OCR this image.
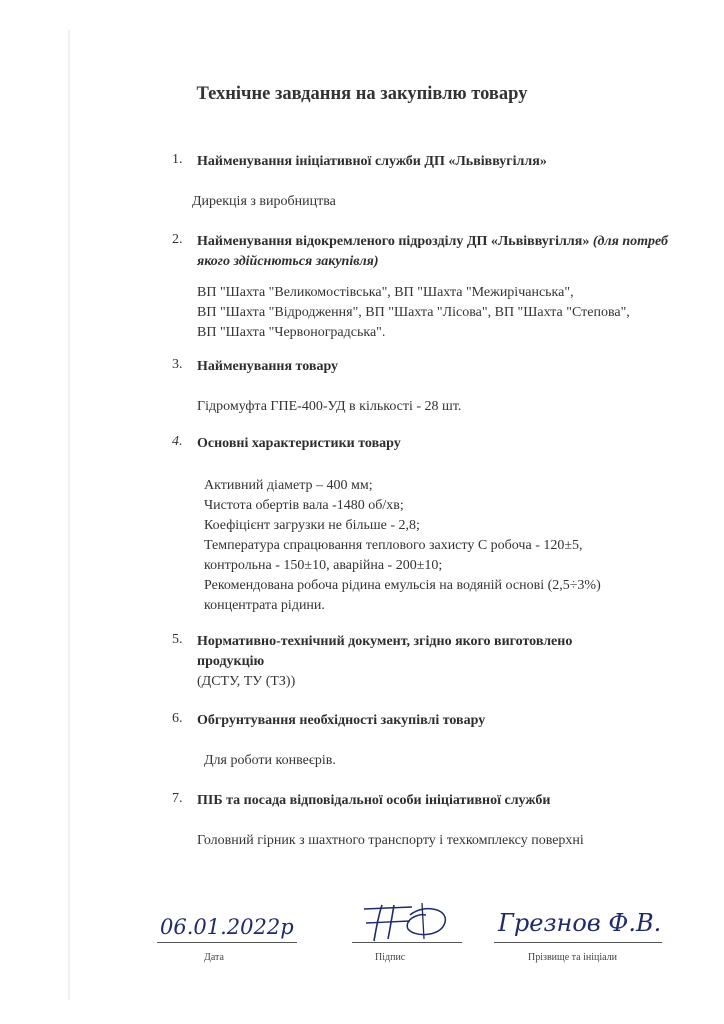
Технічне завдання на закупівлю товару
1.	Найменування ініціативної служби ДП «Львіввугілля»
Дирекція з виробництва
2.	Найменування відокремленого підрозділу ДП «Львіввугілля» (для потреб якого здійснються закупівля)
ВП "Шахта "Великомостівська", ВП "Шахта "Межирічанська",
ВП "Шахта "Відродження", ВП "Шахта "Лісова", ВП "Шахта "Степова",
ВП "Шахта "Червоноградська".
3.	Найменування товару
Гідромуфта ГПЕ-400-УД в кількості - 28 шт.
4.	Основні характеристики товару
Активний діаметр – 400 мм;
Чистота обертів вала -1480 об/хв;
Коефіцієнт загрузки не більше - 2,8;
Температура спрацювання теплового захисту С робоча - 120±5,
контрольна - 150±10, аварійна - 200±10;
Рекомендована робоча рідина емульсія на водяній основі (2,5÷3%)
концентрата рідини.
5.	Нормативно-технічний документ, згідно якого виготовлено продукцію
(ДСТУ, ТУ (ТЗ))
6.	Обгрунтування необхідності закупівлі товару
Для роботи конвеєрів.
7.	ПІБ та посада відповідальної особи ініціативної служби
Головний гірник з шахтного транспорту і техкомплексу поверхні
06.01.2022р
Дата	Підпис
Грезнов Ф.В.
Прізвище та ініціали
